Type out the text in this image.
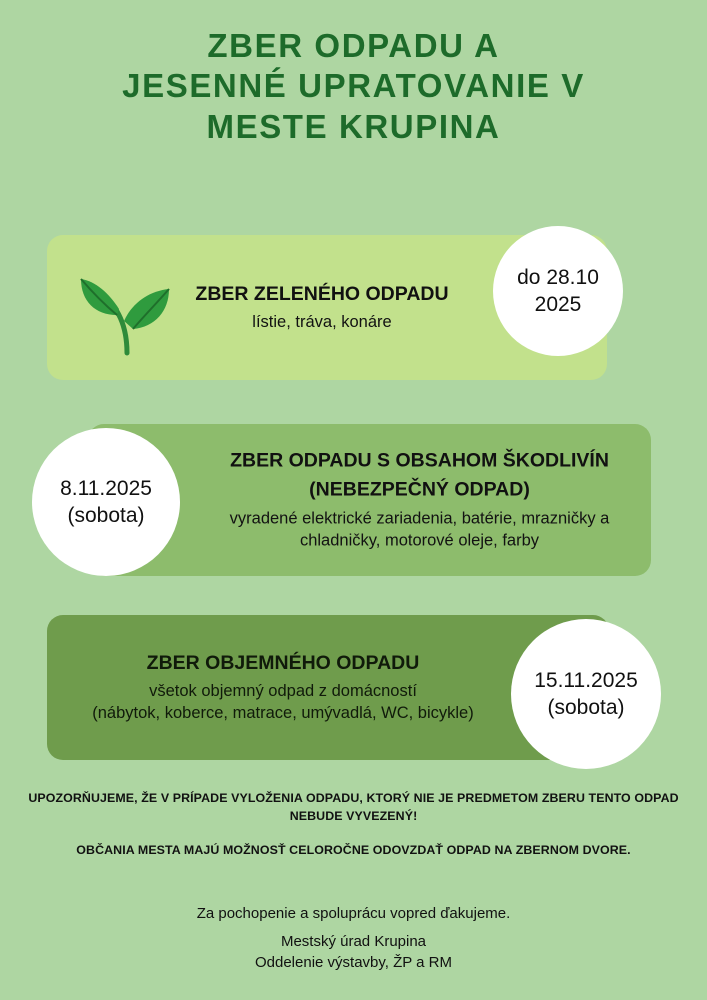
ZBER ODPADU A
JESENNÉ UPRATOVANIE V
MESTE KRUPINA
ZBER ZELENÉHO ODPADU
lístie, tráva, konáre
do 28.10
2025
ZBER ODPADU S OBSAHOM ŠKODLIVÍN
(NEBEZPEČNÝ ODPAD)
vyradené elektrické zariadenia, batérie, mrazničky a
chladničky, motorové oleje, farby
8.11.2025
(sobota)
ZBER OBJEMNÉHO ODPADU
všetok objemný odpad z domácností
(nábytok, koberce, matrace, umývadlá, WC, bicykle)
15.11.2025
(sobota)
UPOZORŇUJEME, ŽE V PRÍPADE VYLOŽENIA ODPADU, KTORÝ NIE JE PREDMETOM ZBERU TENTO ODPAD
NEBUDE VYVEZENÝ!
OBČANIA MESTA MAJÚ MOŽNOSŤ CELOROČNE ODOVZDAŤ ODPAD NA ZBERNOM DVORE.
Za pochopenie a spoluprácu vopred ďakujeme.
Mestský úrad Krupina
Oddelenie výstavby, ŽP a RM
